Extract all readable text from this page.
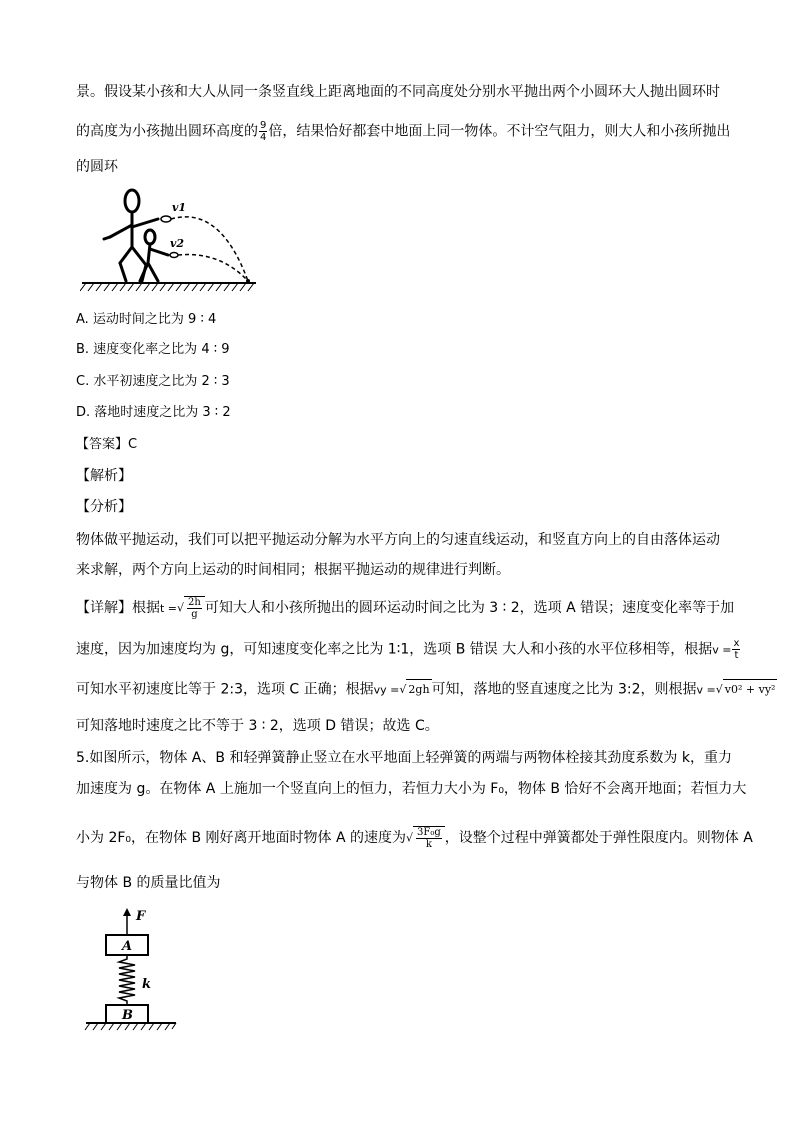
景。假设某小孩和大人从同一条竖直线上距离地面的不同高度处分别水平抛出两个小圆环大人抛出圆环时
的高度为小孩抛出圆环高度的 $\frac{9}{4}$ 倍，结果恰好都套中地面上同一物体。不计空气阻力，则大人和小孩所抛出
的圆环
v1
v2
A. 运动时间之比为 9 ∶ 4
B. 速度变化率之比为 4 ∶ 9
C. 水平初速度之比为 2 ∶ 3
D. 落地时速度之比为 3 ∶ 2
【答案】C
【解析】
【分析】
物体做平抛运动，我们可以把平抛运动分解为水平方向上的匀速直线运动，和竖直方向上的自由落体运动
来求解，两个方向上运动的时间相同；根据平抛运动的规律进行判断。
【详解】根据t =√ $\frac{2h}{g}$ 可知大人和小孩所抛出的圆环运动时间之比为 3 ∶ 2，选项 A 错误；速度变化率等于加
速度，因为加速度均为 g，可知速度变化率之比为 1∶1，选项 B 错误 大人和小孩的水平位移相等，根据$v = \frac{x}{t}$
可知水平初速度比等于 2:3，选项 C 正确；根据vy =√ 2gh 可知，落地的竖直速度之比为 3:2，则根据v =√ v0² + vy²
可知落地时速度之比不等于 3 ∶ 2，选项 D 错误；故选 C。
5.如图所示，物体 A、B 和轻弹簧静止竖立在水平地面上轻弹簧的两端与两物体栓接其劲度系数为 k，重力
加速度为 g。在物体 A 上施加一个竖直向上的恒力，若恒力大小为 F₀，物体 B 恰好不会离开地面；若恒力大
小为 2F₀，在物体 B 刚好离开地面时物体 A 的速度为√ $\frac{\text{3F₀g}}{k}$ ，设整个过程中弹簧都处于弹性限度内。则物体 A
与物体 B 的质量比值为
F
A
k
B
